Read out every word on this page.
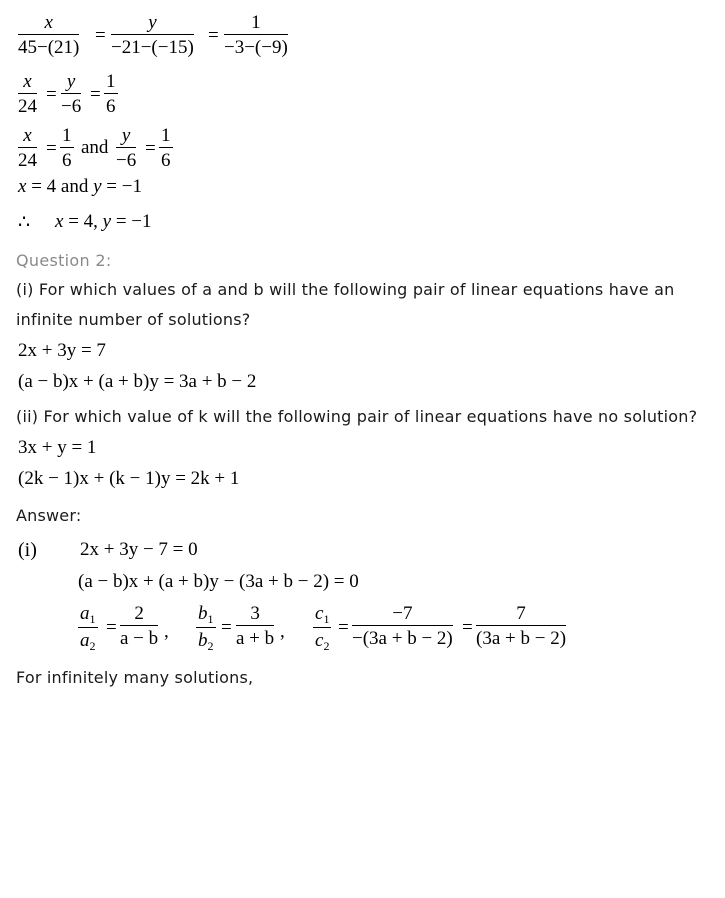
$\frac{x}{45-(21)} = \frac{y}{-21-(-15)} = \frac{1}{-3-(-9)}$
$\frac{x}{24} = \frac{y}{-6} = \frac{1}{6}$
$\frac{x}{24} = \frac{1}{6}$ and $\frac{y}{-6} = \frac{1}{6}$
x = 4 and y = −1
∴ x = 4, y = −1
Question 2:
(i) For which values of a and b will the following pair of linear equations have an
infinite number of solutions?
2x + 3y = 7
(a − b)x + (a + b)y = 3a + b − 2
(ii) For which value of k will the following pair of linear equations have no solution?
3x + y = 1
(2k − 1)x + (k − 1)y = 2k + 1
Answer:
(i) 2x + 3y − 7 = 0
(a − b)x + (a + b)y − (3a + b − 2) = 0
$\frac{a_1}{a_2} = \frac{2}{a - b}$ , $\frac{b_1}{b_2} = \frac{3}{a + b}$ , $\frac{c_1}{c_2} = \frac{-7}{-(3a + b - 2)} = \frac{7}{(3a + b - 2)}$
For infinitely many solutions,
